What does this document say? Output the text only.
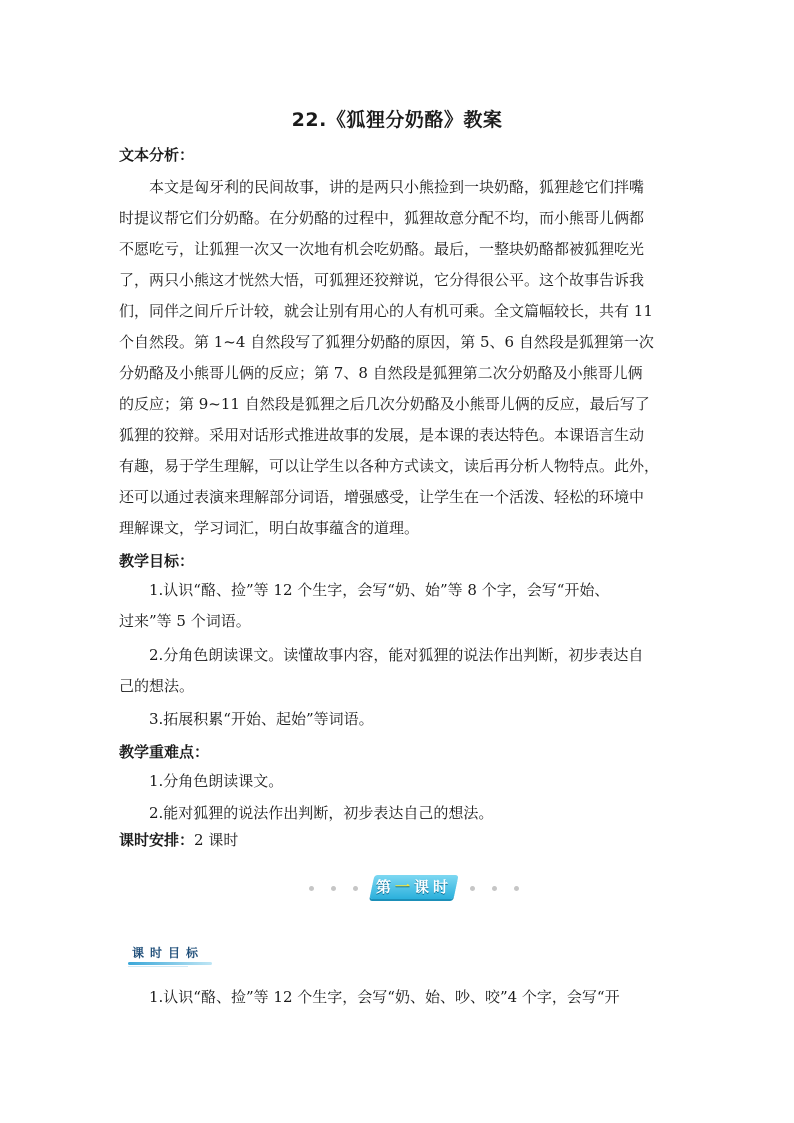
22.《狐狸分奶酪》教案
文本分析：
本文是匈牙利的民间故事，讲的是两只小熊捡到一块奶酪，狐狸趁它们拌嘴
时提议帮它们分奶酪。在分奶酪的过程中，狐狸故意分配不均，而小熊哥儿俩都
不愿吃亏，让狐狸一次又一次地有机会吃奶酪。最后，一整块奶酪都被狐狸吃光
了，两只小熊这才恍然大悟，可狐狸还狡辩说，它分得很公平。这个故事告诉我
们，同伴之间斤斤计较，就会让别有用心的人有机可乘。全文篇幅较长，共有 11
个自然段。第 1~4 自然段写了狐狸分奶酪的原因，第 5、6 自然段是狐狸第一次
分奶酪及小熊哥儿俩的反应；第 7、8 自然段是狐狸第二次分奶酪及小熊哥儿俩
的反应；第 9~11 自然段是狐狸之后几次分奶酪及小熊哥儿俩的反应，最后写了
狐狸的狡辩。采用对话形式推进故事的发展，是本课的表达特色。本课语言生动
有趣，易于学生理解，可以让学生以各种方式读文，读后再分析人物特点。此外，
还可以通过表演来理解部分词语，增强感受，让学生在一个活泼、轻松的环境中
理解课文，学习词汇，明白故事蕴含的道理。
教学目标：
1.认识“酪、捡”等 12 个生字，会写“奶、始”等 8 个字，会写“开始、
过来”等 5 个词语。
2.分角色朗读课文。读懂故事内容，能对狐狸的说法作出判断，初步表达自
己的想法。
3.拓展积累“开始、起始”等词语。
教学重难点：
1.分角色朗读课文。
2.能对狐狸的说法作出判断，初步表达自己的想法。
课时安排：2 课时
第一课时
课时目标
1.认识“酪、捡”等 12 个生字，会写“奶、始、吵、咬”4 个字，会写“开
